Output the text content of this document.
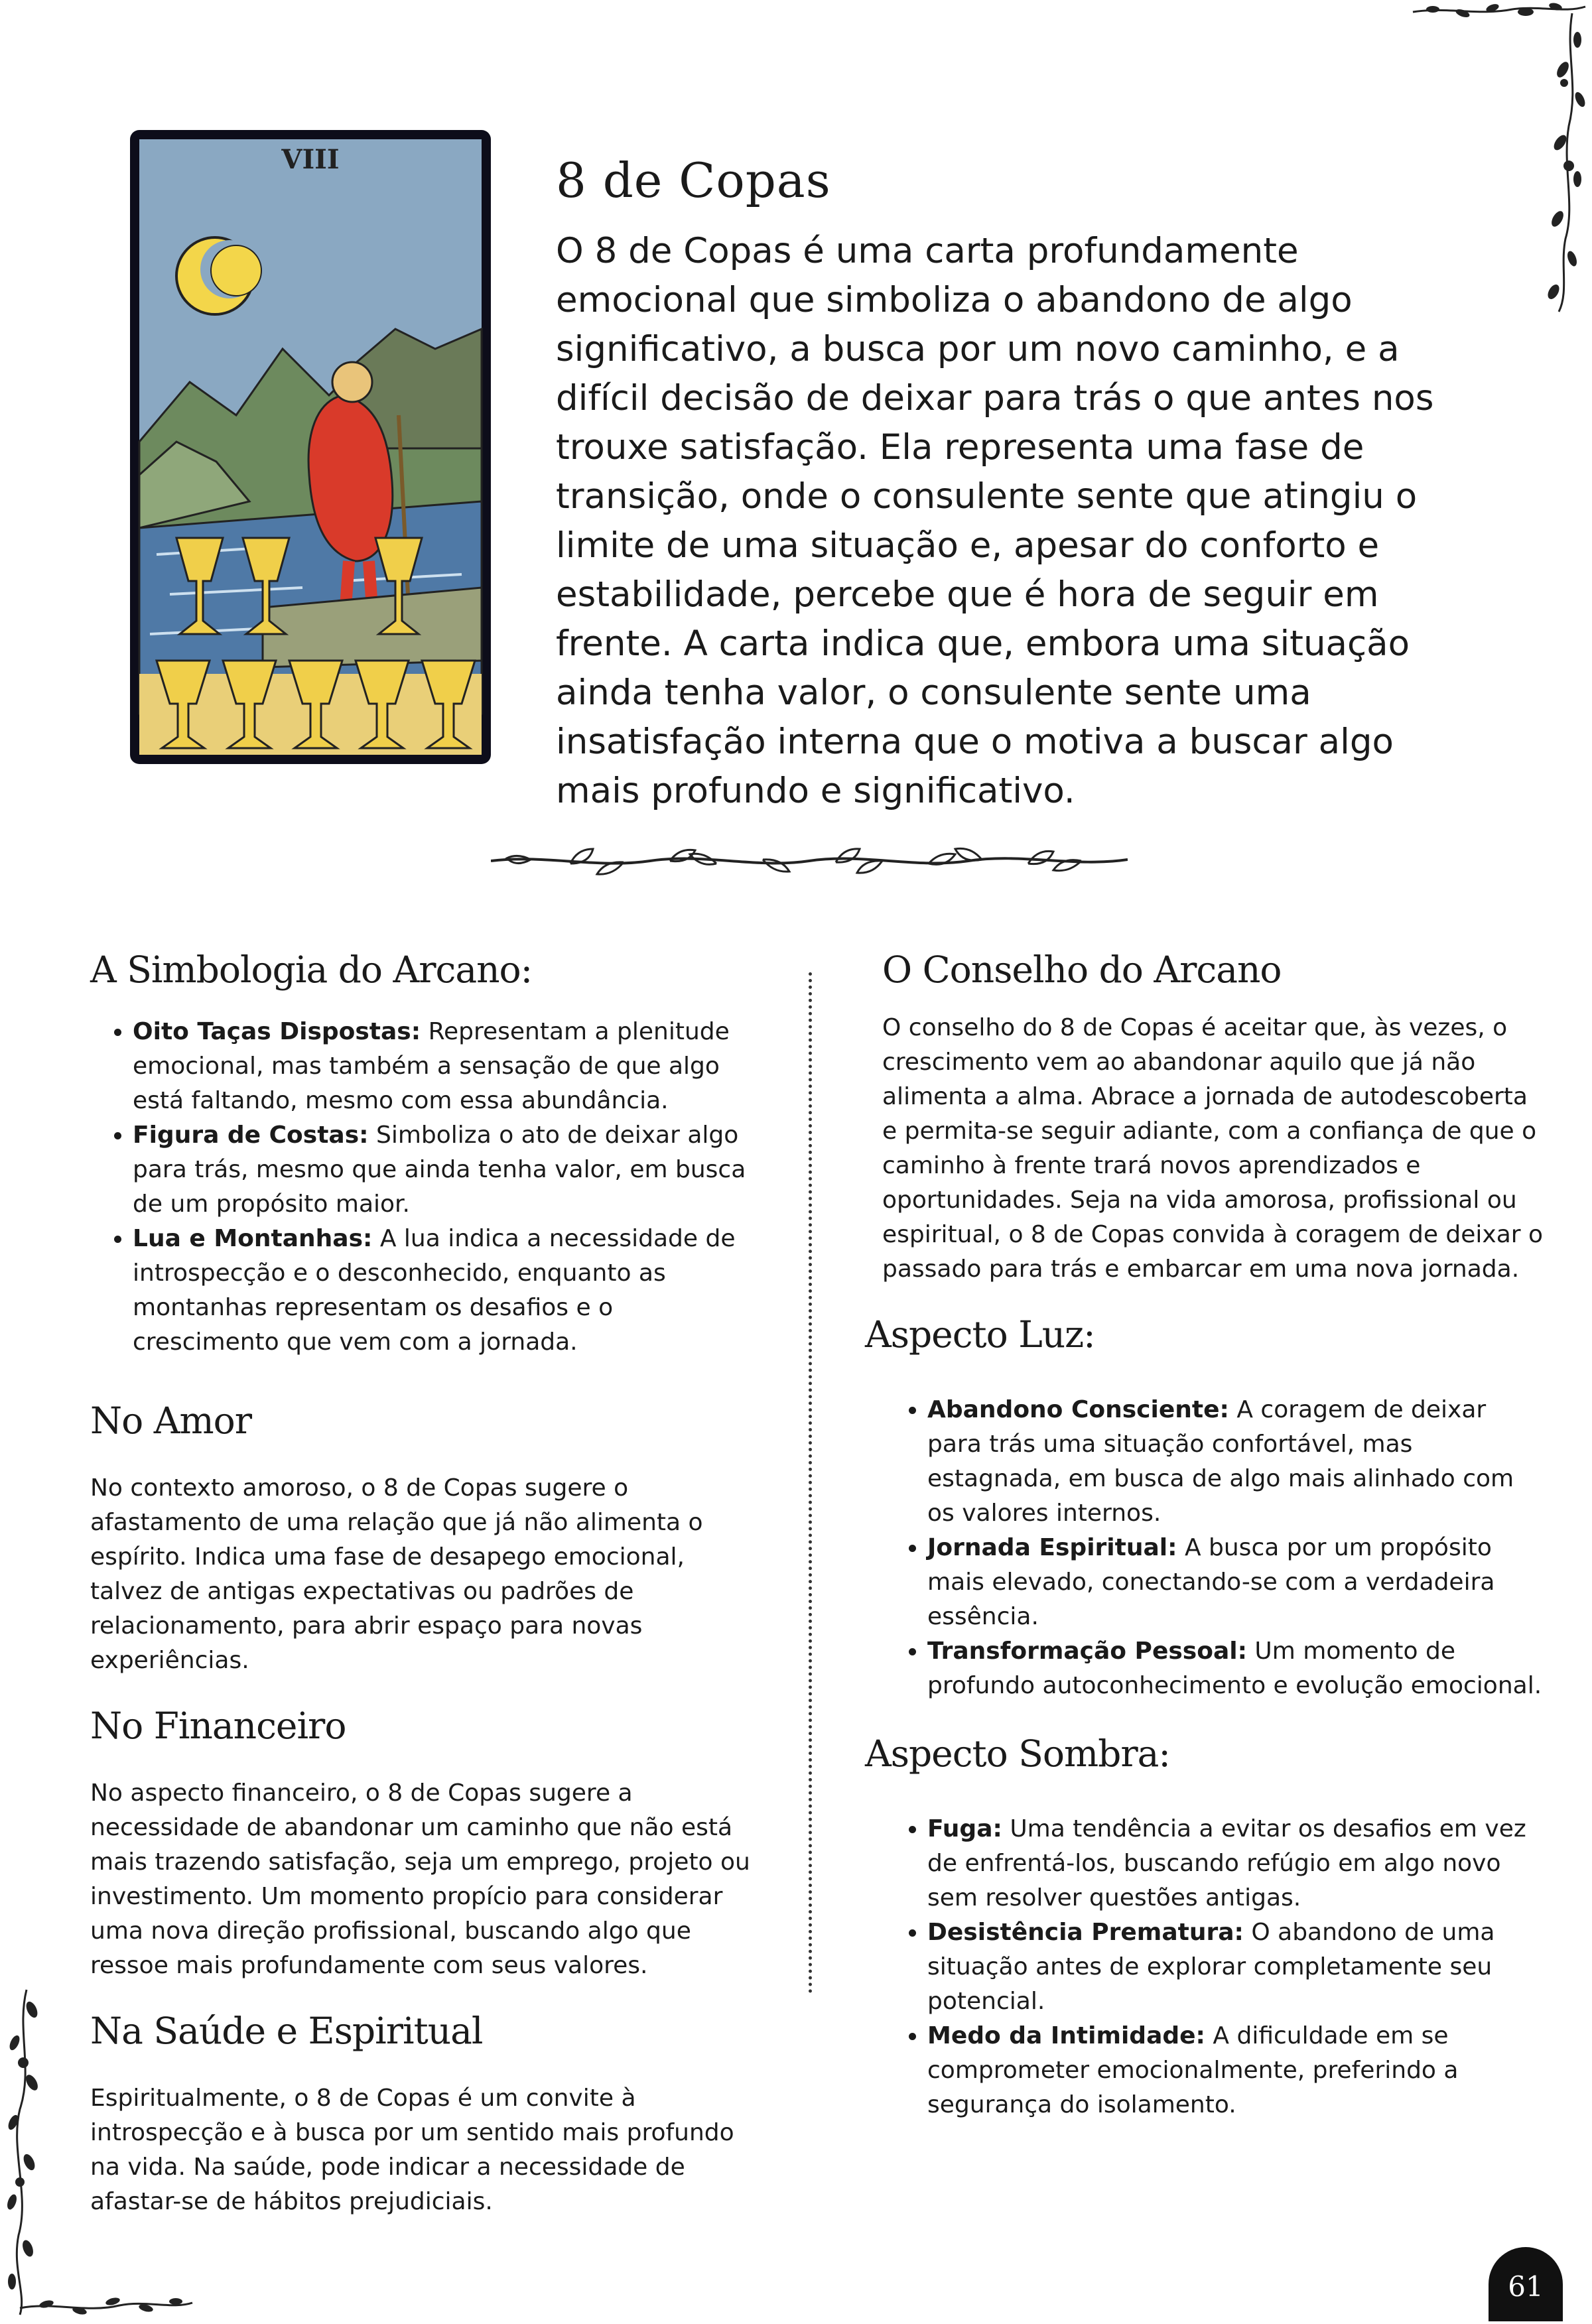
VIII	8 de Copas

O 8 de Copas é uma carta profundamente emocional que simboliza o abandono de algo significativo, a busca por um novo caminho, e a difícil decisão de deixar para trás o que antes nos trouxe satisfação. Ela representa uma fase de transição, onde o consulente sente que atingiu o limite de uma situação e, apesar do conforto e estabilidade, percebe que é hora de seguir em frente. A carta indica que, embora uma situação ainda tenha valor, o consulente sente uma insatisfação interna que o motiva a buscar algo mais profundo e significativo.

A Simbologia do Arcano:
• Oito Taças Dispostas: Representam a plenitude emocional, mas também a sensação de que algo está faltando, mesmo com essa abundância.
• Figura de Costas: Simboliza o ato de deixar algo para trás, mesmo que ainda tenha valor, em busca de um propósito maior.
• Lua e Montanhas: A lua indica a necessidade de introspecção e o desconhecido, enquanto as montanhas representam os desafios e o crescimento que vem com a jornada.
No Amor

No contexto amoroso, o 8 de Copas sugere o afastamento de uma relação que já não alimenta o espírito. Indica uma fase de desapego emocional, talvez de antigas expectativas ou padrões de relacionamento, para abrir espaço para novas experiências.

No Financeiro

No aspecto financeiro, o 8 de Copas sugere a necessidade de abandonar um caminho que não está mais trazendo satisfação, seja um emprego, projeto ou investimento. Um momento propício para considerar uma nova direção profissional, buscando algo que ressoe mais profundamente com seus valores.

Na Saúde e Espiritual

Espiritualmente, o 8 de Copas é um convite à introspecção e à busca por um sentido mais profundo na vida. Na saúde, pode indicar a necessidade de afastar-se de hábitos prejudiciais.

O Conselho do Arcano

O conselho do 8 de Copas é aceitar que, às vezes, o crescimento vem ao abandonar aquilo que já não alimenta a alma. Abrace a jornada de autodescoberta e permita-se seguir adiante, com a confiança de que o caminho à frente trará novos aprendizados e oportunidades. Seja na vida amorosa, profissional ou espiritual, o 8 de Copas convida à coragem de deixar o passado para trás e embarcar em uma nova jornada.

Aspecto Luz:
• Abandono Consciente: A coragem de deixar para trás uma situação confortável, mas estagnada, em busca de algo mais alinhado com os valores internos.
• Jornada Espiritual: A busca por um propósito mais elevado, conectando-se com a verdadeira essência.
• Transformação Pessoal: Um momento de profundo autoconhecimento e evolução emocional.
Aspecto Sombra:
• Fuga: Uma tendência a evitar os desafios em vez de enfrentá-los, buscando refúgio em algo novo sem resolver questões antigas.
• Desistência Prematura: O abandono de uma situação antes de explorar completamente seu potencial.
• Medo da Intimidade: A dificuldade em se comprometer emocionalmente, preferindo a segurança do isolamento.
61
